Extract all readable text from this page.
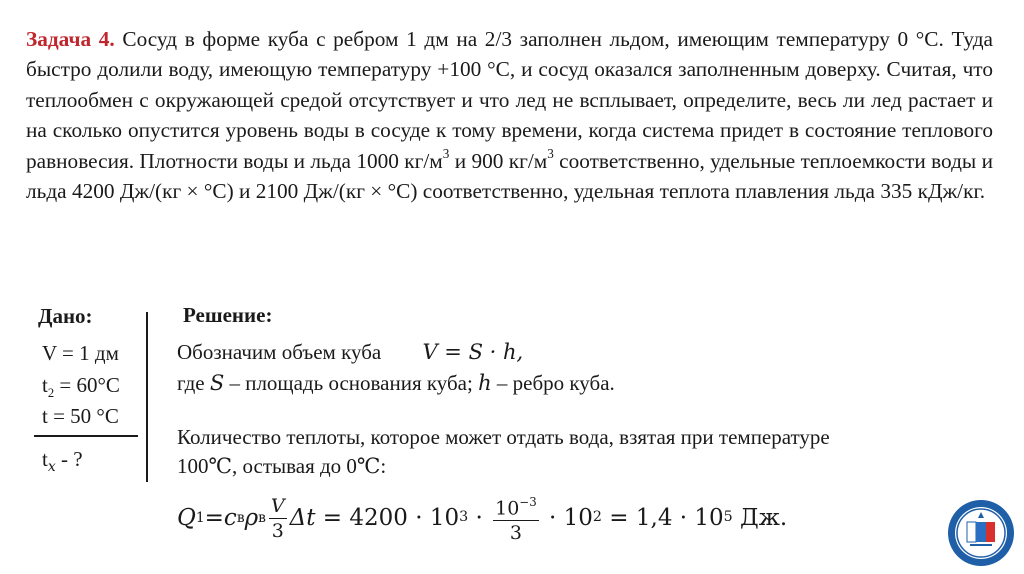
Задача 4. Сосуд в форме куба с ребром 1 дм на 2/3 заполнен льдом, имеющим температуру 0 °С. Туда быстро долили воду, имеющую температуру +100 °С, и сосуд оказался заполненным доверху. Считая, что теплообмен с окружающей средой отсутствует и что лед не всплывает, определите, весь ли лед растает и на сколько опустится уровень воды в сосуде к тому времени, когда система придет в состояние теплового равновесия. Плотности воды и льда 1000 $кг/м^3$ и 900 $кг/м^3$ соответственно, удельные теплоемкости воды и льда 4200 Дж/(кг × °С) и 2100 Дж/(кг × °С) соответственно, удельная теплота плавления льда 335 кДж/кг.
Дано:
V = 1 дм
$t_2 = 60^\circ С$
t = 50 °С
$t_x$ - ?
Решение:
Обозначим объем куба V = S · h,
где S – площадь основания куба; h – ребро куба.
Количество теплоты, которое может отдать вода, взятая при температуре
100℃, остывая до 0℃:
Q 1 = c в ρ в $\frac{V}{3}$ $\Delta t = 4200 \cdot 10^3 \cdot \frac{10^{-3}}{3} \cdot 10^2 = 1,4 \cdot 10^5$ Дж.
